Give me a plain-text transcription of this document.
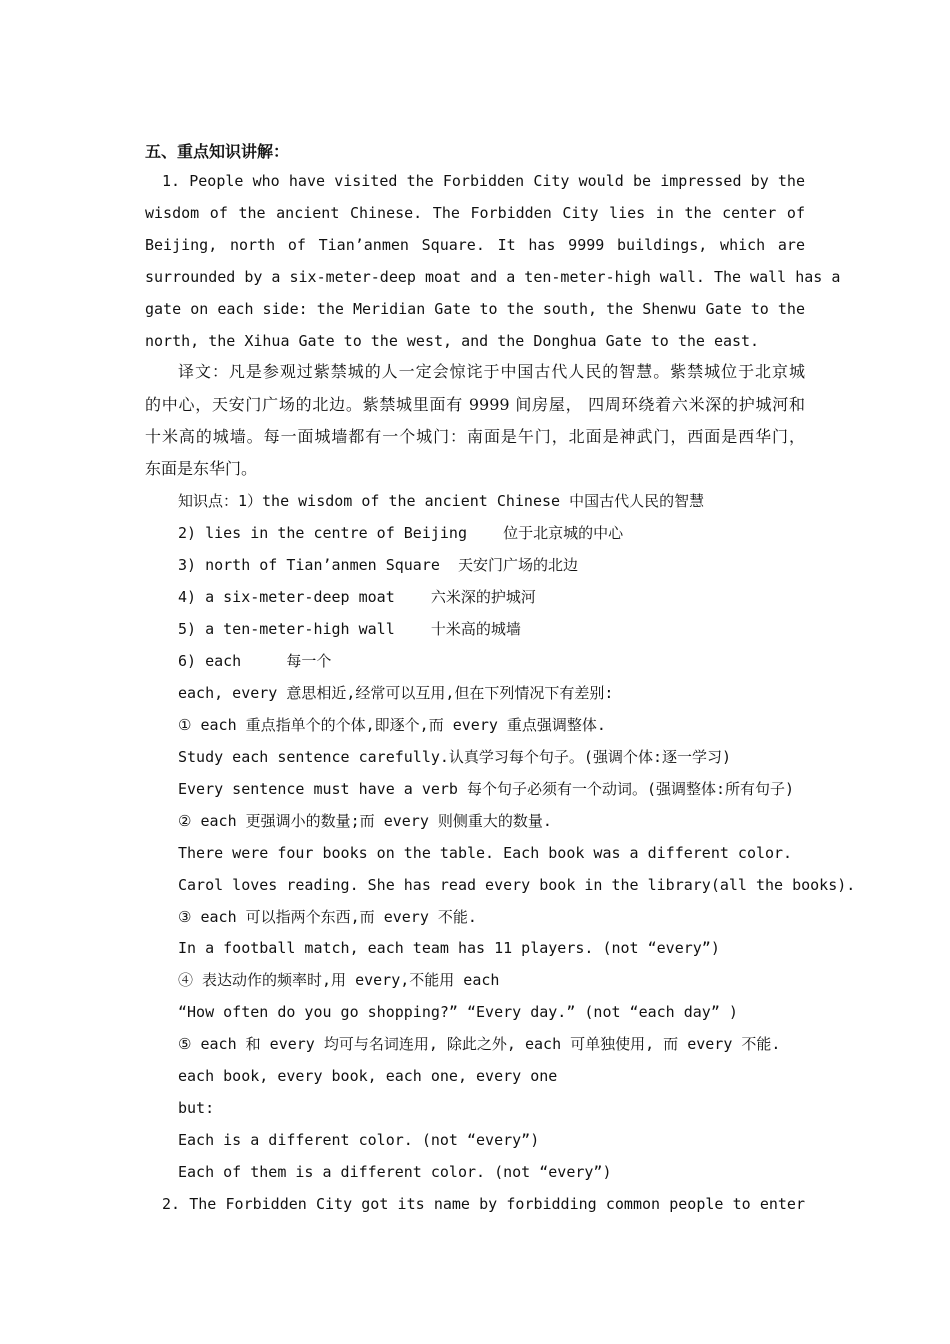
五、重点知识讲解：
1. People who have visited the Forbidden City would be impressed by the
wisdom of the ancient Chinese. The Forbidden City lies in the center of
Beijing, north of Tian’anmen Square. It has 9999 buildings, which are
surrounded by a six-meter-deep moat and a ten-meter-high wall. The wall has a
gate on each side: the Meridian Gate to the south, the Shenwu Gate to the
north, the Xihua Gate to the west, and the Donghua Gate to the east.
译文：凡是参观过紫禁城的人一定会惊诧于中国古代人民的智慧。紫禁城位于北京城
的中心，天安门广场的北边。紫禁城里面有 9999 间房屋， 四周环绕着六米深的护城河和
十米高的城墙。每一面城墙都有一个城门：南面是午门，北面是神武门，西面是西华门，
东面是东华门。
知识点：1）the wisdom of the ancient Chinese 中国古代人民的智慧
2) lies in the centre of Beijing    位于北京城的中心
3) north of Tian’anmen Square  天安门广场的北边
4) a six-meter-deep moat    六米深的护城河
5) a ten-meter-high wall    十米高的城墙
6) each     每一个
each, every 意思相近,经常可以互用,但在下列情况下有差别:
① each 重点指单个的个体,即逐个,而 every 重点强调整体.
Study each sentence carefully.认真学习每个句子。(强调个体:逐一学习)
Every sentence must have a verb 每个句子必须有一个动词。(强调整体:所有句子)
② each 更强调小的数量;而 every 则侧重大的数量.
There were four books on the table. Each book was a different color.
Carol loves reading. She has read every book in the library(all the books).
③ each 可以指两个东西,而 every 不能.
In a football match, each team has 11 players. (not “every”)
④ 表达动作的频率时,用 every,不能用 each
“How often do you go shopping?” “Every day.” (not “each day” )
⑤ each 和 every 均可与名词连用, 除此之外, each 可单独使用, 而 every 不能.
each book, every book, each one, every one
but:
Each is a different color. (not “every”)
Each of them is a different color. (not “every”)
2. The Forbidden City got its name by forbidding common people to enter
